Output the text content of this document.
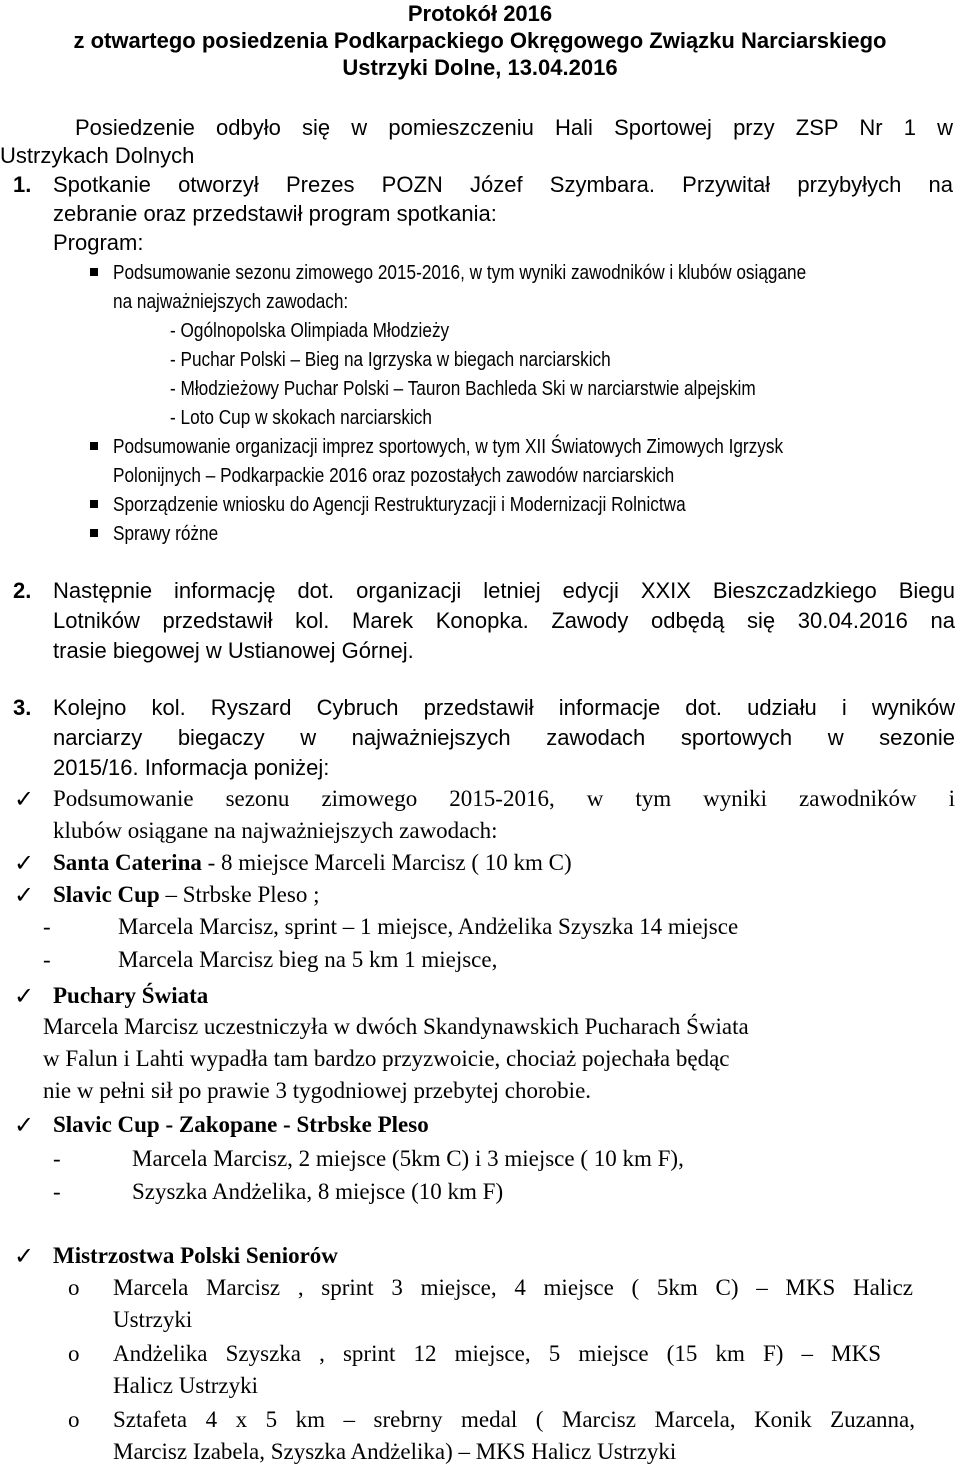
Protokół 2016
z otwartego posiedzenia Podkarpackiego Okręgowego Związku Narciarskiego
Ustrzyki Dolne, 13.04.2016
Posiedzenie odbyło się w pomieszczeniu Hali Sportowej przy ZSP Nr 1 w
Ustrzykach Dolnych
1. Spotkanie otworzył Prezes POZN Józef Szymbara. Przywitał przybyłych na
zebranie oraz przedstawił program spotkania:
Program:
Podsumowanie sezonu zimowego 2015-2016, w tym wyniki zawodników i klubów osiągane
na najważniejszych zawodach:
- Ogólnopolska Olimpiada Młodzieży
- Puchar Polski – Bieg na Igrzyska w biegach narciarskich
- Młodzieżowy Puchar Polski – Tauron Bachleda Ski w narciarstwie alpejskim
- Loto Cup w skokach narciarskich
Podsumowanie organizacji imprez sportowych, w tym XII Światowych Zimowych Igrzysk
Polonijnych – Podkarpackie 2016 oraz pozostałych zawodów narciarskich
Sporządzenie wniosku do Agencji Restrukturyzacji i Modernizacji Rolnictwa
Sprawy różne
2. Następnie informację dot. organizacji letniej edycji XXIX Bieszczadzkiego Biegu
Lotników przedstawił kol. Marek Konopka. Zawody odbędą się 30.04.2016 na
trasie biegowej w Ustianowej Górnej.
3. Kolejno kol. Ryszard Cybruch przedstawił informacje dot. udziału i wyników
narciarzy biegaczy w najważniejszych zawodach sportowych w sezonie
2015/16. Informacja poniżej:
✓ Podsumowanie sezonu zimowego 2015-2016, w tym wyniki zawodników i
klubów osiągane na najważniejszych zawodach:
✓ Santa Caterina - 8 miejsce Marceli Marcisz ( 10 km C)
✓ Slavic Cup – Strbske Pleso ;
-	Marcela Marcisz, sprint – 1 miejsce, Andżelika Szyszka 14 miejsce
-	Marcela Marcisz bieg na 5 km 1 miejsce,
✓ Puchary Świata
Marcela Marcisz uczestniczyła w dwóch Skandynawskich Pucharach Świata
w Falun i Lahti wypadła tam bardzo przyzwoicie, chociaż pojechała będąc
nie w pełni sił po prawie 3 tygodniowej przebytej chorobie.
✓ Slavic Cup - Zakopane - Strbske Pleso
-	Marcela Marcisz, 2 miejsce (5km C) i 3 miejsce ( 10 km F),
-	Szyszka Andżelika, 8 miejsce (10 km F)
✓ Mistrzostwa Polski Seniorów
o Marcela Marcisz , sprint 3 miejsce, 4 miejsce ( 5km C) – MKS Halicz
Ustrzyki
o Andżelika Szyszka , sprint 12 miejsce, 5 miejsce (15 km F) – MKS
Halicz Ustrzyki
o Sztafeta 4 x 5 km – srebrny medal ( Marcisz Marcela, Konik Zuzanna,
Marcisz Izabela, Szyszka Andżelika) – MKS Halicz Ustrzyki
